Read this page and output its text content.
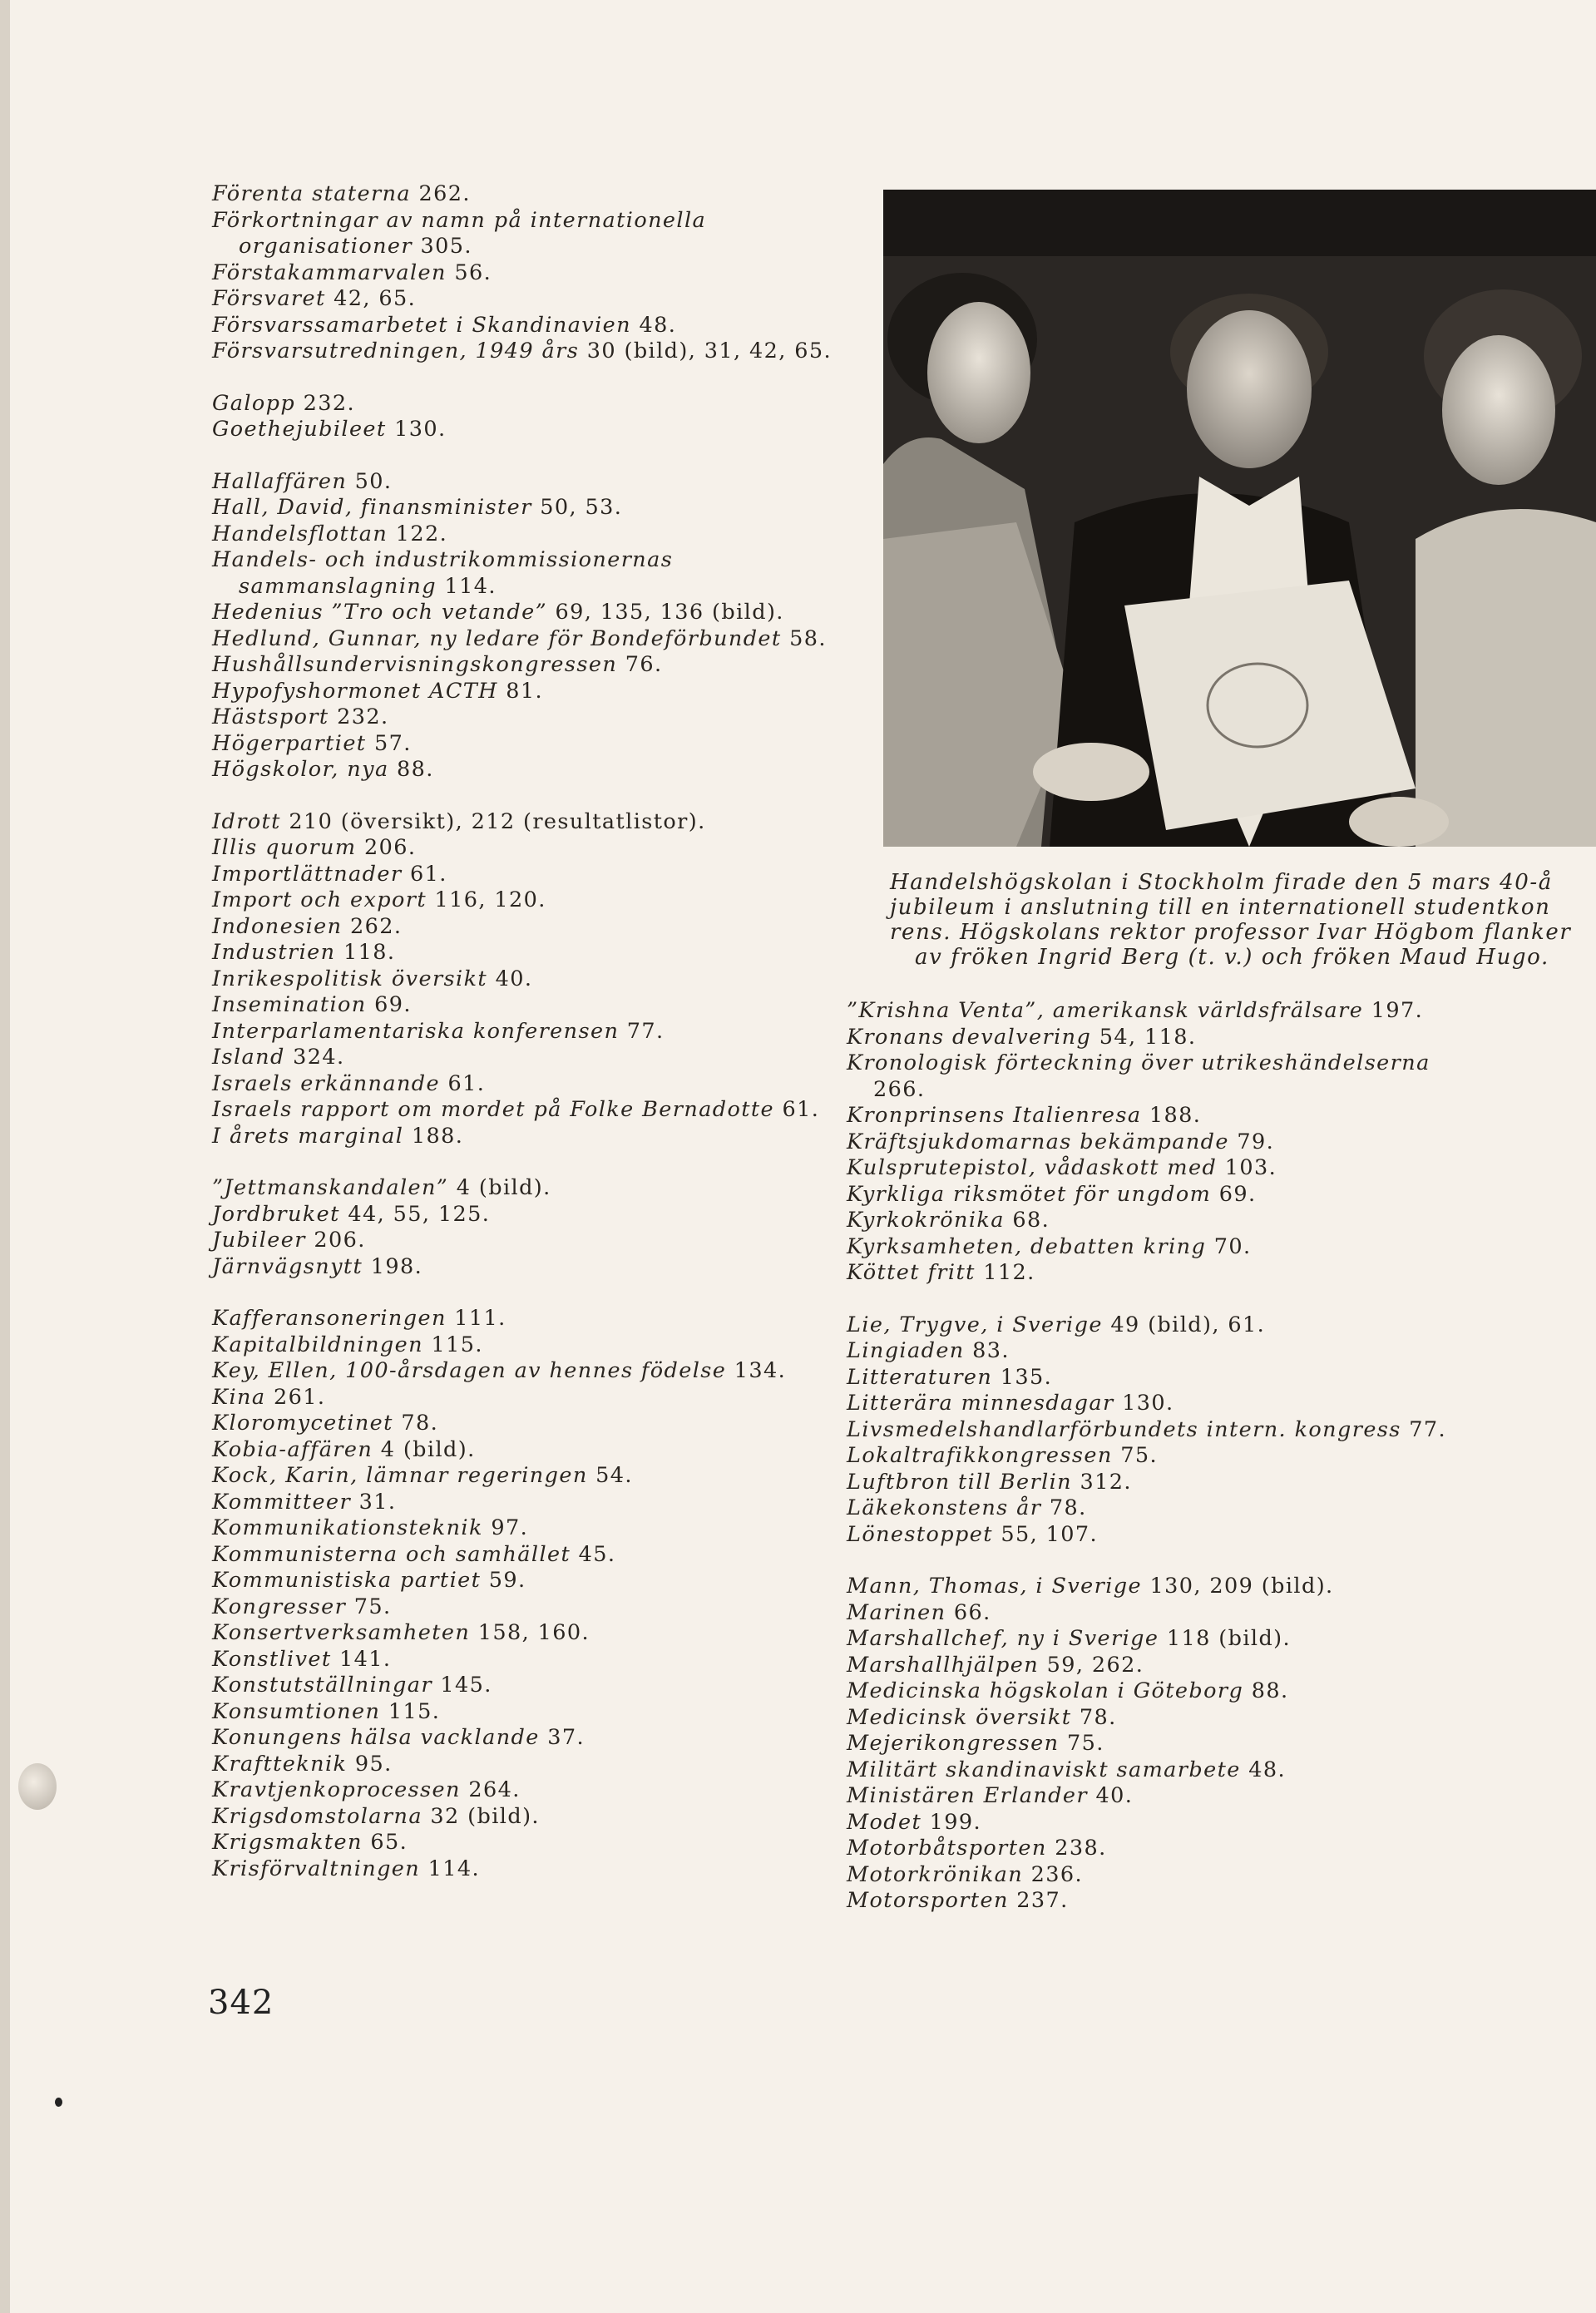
Förenta staterna 262.
Förkortningar av namn på internationella organisationer 305.
Förstakammarvalen 56.
Försvaret 42, 65.
Försvarssamarbetet i Skandinavien 48.
Försvarsutredningen, 1949 års 30 (bild), 31, 42, 65.
Galopp 232.
Goethejubileet 130.
Hallaffären 50.
Hall, David, finansminister 50, 53.
Handelsflottan 122.
Handels- och industrikommissionernas sammanslagning 114.
Hedenius ”Tro och vetande” 69, 135, 136 (bild).
Hedlund, Gunnar, ny ledare för Bondeförbundet 58.
Hushållsundervisningskongressen 76.
Hypofyshormonet ACTH 81.
Hästsport 232.
Högerpartiet 57.
Högskolor, nya 88.
Idrott 210 (översikt), 212 (resultatlistor).
Illis quorum 206.
Importlättnader 61.
Import och export 116, 120.
Indonesien 262.
Industrien 118.
Inrikespolitisk översikt 40.
Insemination 69.
Interparlamentariska konferensen 77.
Island 324.
Israels erkännande 61.
Israels rapport om mordet på Folke Bernadotte 61.
I årets marginal 188.
”Jettmanskandalen” 4 (bild).
Jordbruket 44, 55, 125.
Jubileer 206.
Järnvägsnytt 198.
Kafferansoneringen 111.
Kapitalbildningen 115.
Key, Ellen, 100-årsdagen av hennes födelse 134.
Kina 261.
Kloromycetinet 78.
Kobia-affären 4 (bild).
Kock, Karin, lämnar regeringen 54.
Kommitteer 31.
Kommunikationsteknik 97.
Kommunisterna och samhället 45.
Kommunistiska partiet 59.
Kongresser 75.
Konsertverksamheten 158, 160.
Konstlivet 141.
Konstutställningar 145.
Konsumtionen 115.
Konungens hälsa vacklande 37.
Kraftteknik 95.
Kravtjenkoprocessen 264.
Krigsdomstolarna 32 (bild).
Krigsmakten 65.
Krisförvaltningen 114.
Handelshögskolan i Stockholm firade den 5 mars 40-å
jubileum i anslutning till en internationell studentkon
rens. Högskolans rektor professor Ivar Högbom flanker
av fröken Ingrid Berg (t. v.) och fröken Maud Hugo.
”Krishna Venta”, amerikansk världsfrälsare 197.
Kronans devalvering 54, 118.
Kronologisk förteckning över utrikeshändelserna 266.
Kronprinsens Italienresa 188.
Kräftsjukdomarnas bekämpande 79.
Kulsprutepistol, vådaskott med 103.
Kyrkliga riksmötet för ungdom 69.
Kyrkokrönika 68.
Kyrksamheten, debatten kring 70.
Köttet fritt 112.
Lie, Trygve, i Sverige 49 (bild), 61.
Lingiaden 83.
Litteraturen 135.
Litterära minnesdagar 130.
Livsmedelshandlarförbundets intern. kongress 77.
Lokaltrafikkongressen 75.
Luftbron till Berlin 312.
Läkekonstens år 78.
Lönestoppet 55, 107.
Mann, Thomas, i Sverige 130, 209 (bild).
Marinen 66.
Marshallchef, ny i Sverige 118 (bild).
Marshallhjälpen 59, 262.
Medicinska högskolan i Göteborg 88.
Medicinsk översikt 78.
Mejerikongressen 75.
Militärt skandinaviskt samarbete 48.
Ministären Erlander 40.
Modet 199.
Motorbåtsporten 238.
Motorkrönikan 236.
Motorsporten 237.
342
